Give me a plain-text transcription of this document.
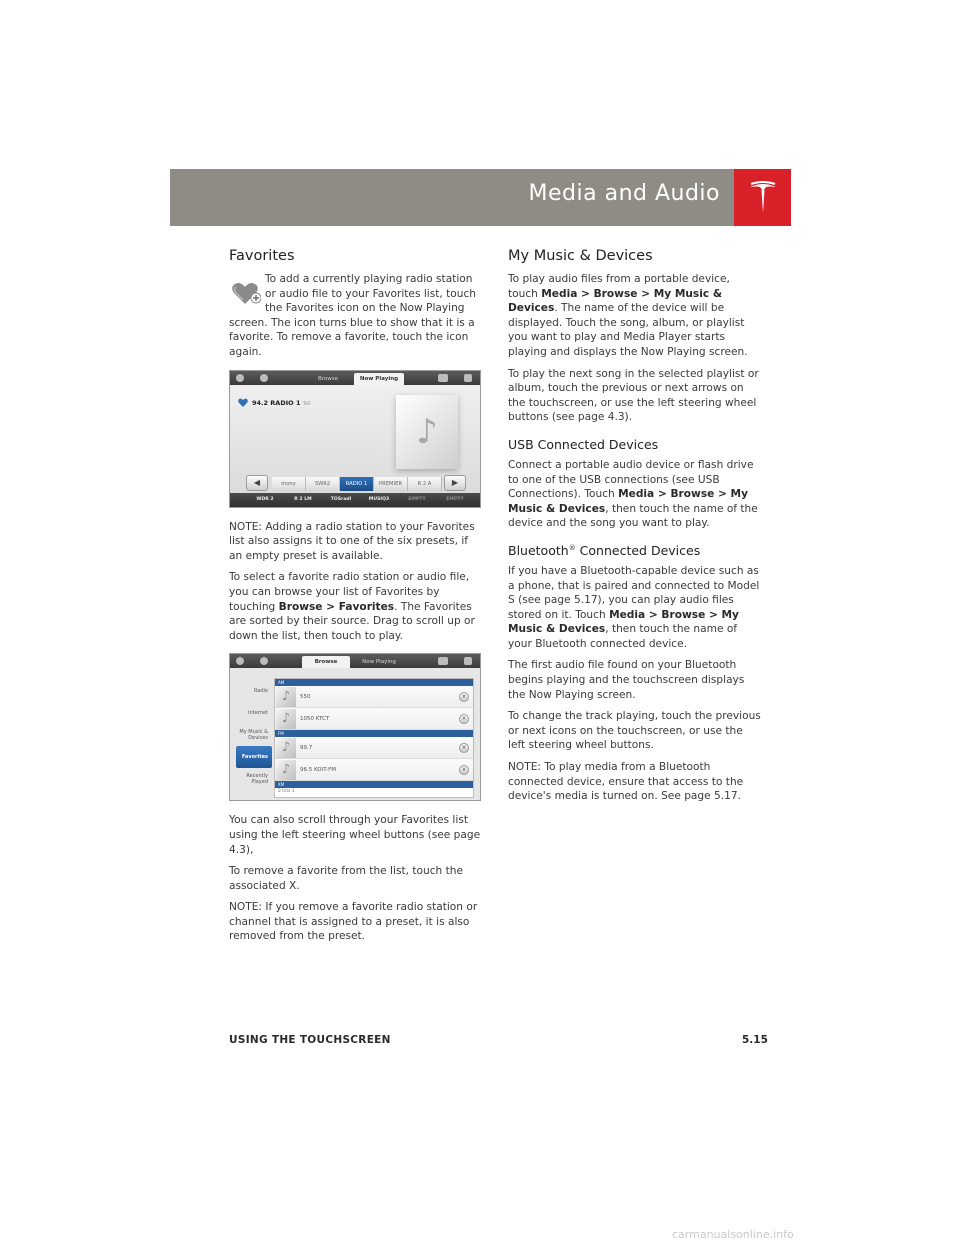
Media and Audio
Favorites

To add a currently playing radio station or audio file to your Favorites list, touch the Favorites icon on the Now Playing

screen. The icon turns blue to show that it is a favorite. To remove a favorite, touch the icon again.

Browse	Now Playing
94.2 RADIO 1 Tall
♪
◀	mony	SWR2	RADIO 1	PREMIER	R 2 A	▶
WDR 2	R 2 LM	TOSradl	MUSIQ3	EMPTY	EMPTY

NOTE: Adding a radio station to your Favorites list also assigns it to one of the six presets, if an empty preset is available.

To select a favorite radio station or audio file, you can browse your list of Favorites by touching Browse > Favorites. The Favorites are sorted by their source. Drag to scroll up or down the list, then touch to play.

Browse	Now Playing
Radio
Internet
My Music & Devices
Favorites
Recently Played
AM
♪	550	×
♪	1050 KTCT	×
FM
♪	99.7	×
♪	96.5 KOIT-FM	×
XM
2 hits 1

You can also scroll through your Favorites list using the left steering wheel buttons (see page 4.3),

To remove a favorite from the list, touch the associated X.

NOTE: If you remove a favorite radio station or channel that is assigned to a preset, it is also removed from the preset.

My Music & Devices

To play audio files from a portable device, touch Media > Browse > My Music & Devices. The name of the device will be displayed. Touch the song, album, or playlist you want to play and Media Player starts playing and displays the Now Playing screen.

To play the next song in the selected playlist or album, touch the previous or next arrows on the touchscreen, or use the left steering wheel buttons (see page 4.3).

USB Connected Devices

Connect a portable audio device or flash drive to one of the USB connections (see USB Connections). Touch Media > Browse > My Music & Devices, then touch the name of the device and the song you want to play.

Bluetooth® Connected Devices

If you have a Bluetooth-capable device such as a phone, that is paired and connected to Model S (see page 5.17), you can play audio files stored on it. Touch Media > Browse > My Music & Devices, then touch the name of your Bluetooth connected device.

The first audio file found on your Bluetooth begins playing and the touchscreen displays the Now Playing screen.

To change the track playing, touch the previous or next icons on the touchscreen, or use the left steering wheel buttons.

NOTE: To play media from a Bluetooth connected device, ensure that access to the device's media is turned on. See page 5.17.

USING THE TOUCHSCREEN	5.15
carmanualsonline.info
